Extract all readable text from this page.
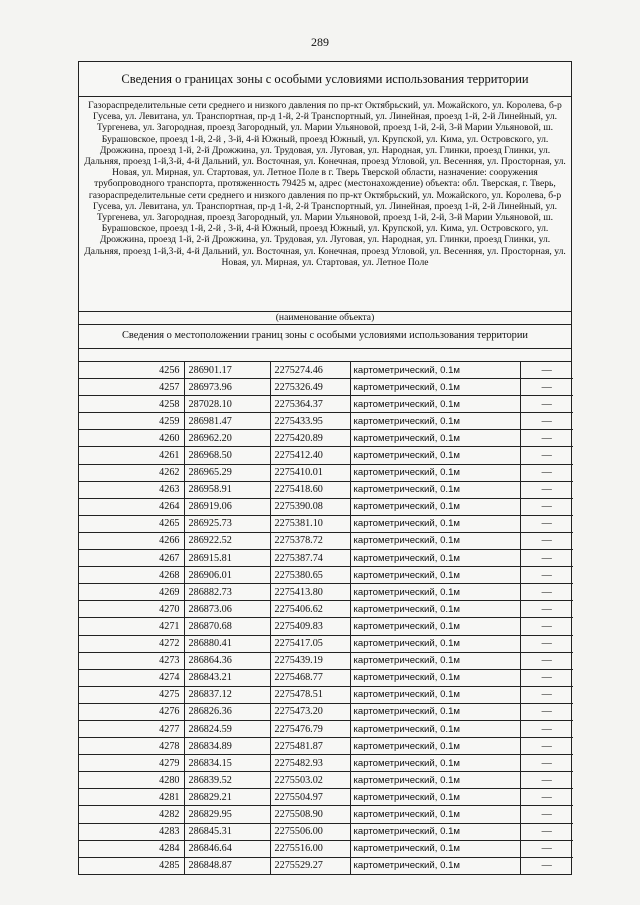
289
Сведения о границах зоны с особыми условиями использования территории
Газораспределительные сети среднего и низкого давления по пр-кт Октябрьский, ул. Можайского, ул. Королева, б-р Гусева, ул. Левитана, ул. Транспортная, пр-д 1-й, 2-й Транспортный, ул. Линейная, проезд 1-й, 2-й Линейный, ул. Тургенева, ул. Загородная, проезд Загородный, ул. Марии Ульяновой, проезд 1-й, 2-й, 3-й Марии Ульяновой, ш. Бурашовское, проезд 1-й, 2-й , 3-й, 4-й Южный, проезд Южный, ул. Крупской, ул. Кима, ул. Островского, ул. Дрожжина, проезд 1-й, 2-й Дрожжина, ул. Трудовая, ул. Луговая, ул. Народная, ул. Глинки, проезд Глинки, ул. Дальняя, проезд 1-й,3-й, 4-й Дальний, ул. Восточная, ул. Конечная, проезд Угловой, ул. Весенняя, ул. Просторная, ул. Новая, ул. Мирная, ул. Стартовая, ул. Летное Поле в г. Тверь Тверской области, назначение: сооружения трубопроводного транспорта, протяженность 79425 м, адрес (местонахождение) объекта: обл. Тверская, г. Тверь, газораспределительные сети среднего и низкого давления по пр-кт Октябрьский, ул. Можайского, ул. Королева, б-р Гусева, ул. Левитана, ул. Транспортная, пр-д 1-й, 2-й Транспортный, ул. Линейная, проезд 1-й, 2-й Линейный, ул. Тургенева, ул. Загородная, проезд Загородный, ул. Марии Ульяновой, проезд 1-й, 2-й, 3-й Марии Ульяновой, ш. Бурашовское, проезд 1-й, 2-й , 3-й, 4-й Южный, проезд Южный, ул. Крупской, ул. Кима, ул. Островского, ул. Дрожжина, проезд 1-й, 2-й Дрожжина, ул. Трудовая, ул. Луговая, ул. Народная, ул. Глинки, проезд Глинки, ул. Дальняя, проезд 1-й,3-й, 4-й Дальний, ул. Восточная, ул. Конечная, проезд Угловой, ул. Весенняя, ул. Просторная, ул. Новая, ул. Мирная, ул. Стартовая, ул. Летное Поле
(наименование объекта)
Сведения о местоположении границ зоны с особыми условиями использования территории
4256	286901.17	2275274.46	картометрический, 0.1м	—
4257	286973.96	2275326.49	картометрический, 0.1м	—
4258	287028.10	2275364.37	картометрический, 0.1м	—
4259	286981.47	2275433.95	картометрический, 0.1м	—
4260	286962.20	2275420.89	картометрический, 0.1м	—
4261	286968.50	2275412.40	картометрический, 0.1м	—
4262	286965.29	2275410.01	картометрический, 0.1м	—
4263	286958.91	2275418.60	картометрический, 0.1м	—
4264	286919.06	2275390.08	картометрический, 0.1м	—
4265	286925.73	2275381.10	картометрический, 0.1м	—
4266	286922.52	2275378.72	картометрический, 0.1м	—
4267	286915.81	2275387.74	картометрический, 0.1м	—
4268	286906.01	2275380.65	картометрический, 0.1м	—
4269	286882.73	2275413.80	картометрический, 0.1м	—
4270	286873.06	2275406.62	картометрический, 0.1м	—
4271	286870.68	2275409.83	картометрический, 0.1м	—
4272	286880.41	2275417.05	картометрический, 0.1м	—
4273	286864.36	2275439.19	картометрический, 0.1м	—
4274	286843.21	2275468.77	картометрический, 0.1м	—
4275	286837.12	2275478.51	картометрический, 0.1м	—
4276	286826.36	2275473.20	картометрический, 0.1м	—
4277	286824.59	2275476.79	картометрический, 0.1м	—
4278	286834.89	2275481.87	картометрический, 0.1м	—
4279	286834.15	2275482.93	картометрический, 0.1м	—
4280	286839.52	2275503.02	картометрический, 0.1м	—
4281	286829.21	2275504.97	картометрический, 0.1м	—
4282	286829.95	2275508.90	картометрический, 0.1м	—
4283	286845.31	2275506.00	картометрический, 0.1м	—
4284	286846.64	2275516.00	картометрический, 0.1м	—
4285	286848.87	2275529.27	картометрический, 0.1м	—
